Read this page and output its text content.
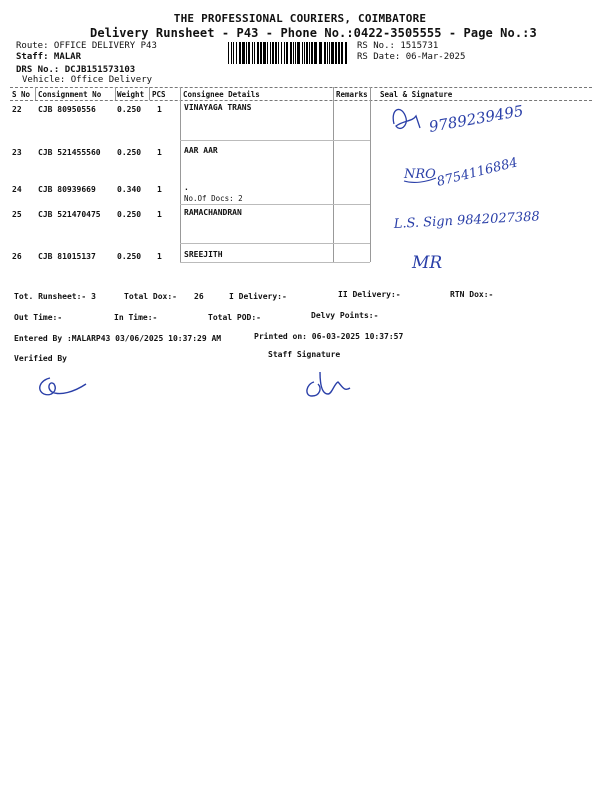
THE PROFESSIONAL COURIERS, COIMBATORE
Delivery Runsheet - P43 - Phone No.:0422-3505555 - Page No.:3
Route: OFFICE DELIVERY P43
Staff: MALAR
DRS No.: DCJB151573103
Vehicle: Office Delivery
RS No.: 1515731
RS Date: 06-Mar-2025
S No Consignment No Weight PCS Consignee Details	Remarks Seal & Signature
22 CJB 80950556	0.250 1	VINAYAGA TRANS
23 CJB 521455560 0.250 1	AAR AAR
24 CJB 80939669	0.340 1	.
No.Of Docs: 2
25 CJB 521470475 0.250 1	RAMACHANDRAN
26 CJB 81015137	0.250 1	SREEJITH
9789239495
NRO 8754116884
L.S. Sign 9842027388
MR
Tot. Runsheet:- 3	Total Dox:- 26	I Delivery:-	II Delivery:-	RTN Dox:-
Out Time:-	In Time:-	Total POD:-	Delvy Points:-
Entered By :MALARP43 03/06/2025 10:37:29 AM	Printed on: 06-03-2025 10:37:57
Verified By	Staff Signature
